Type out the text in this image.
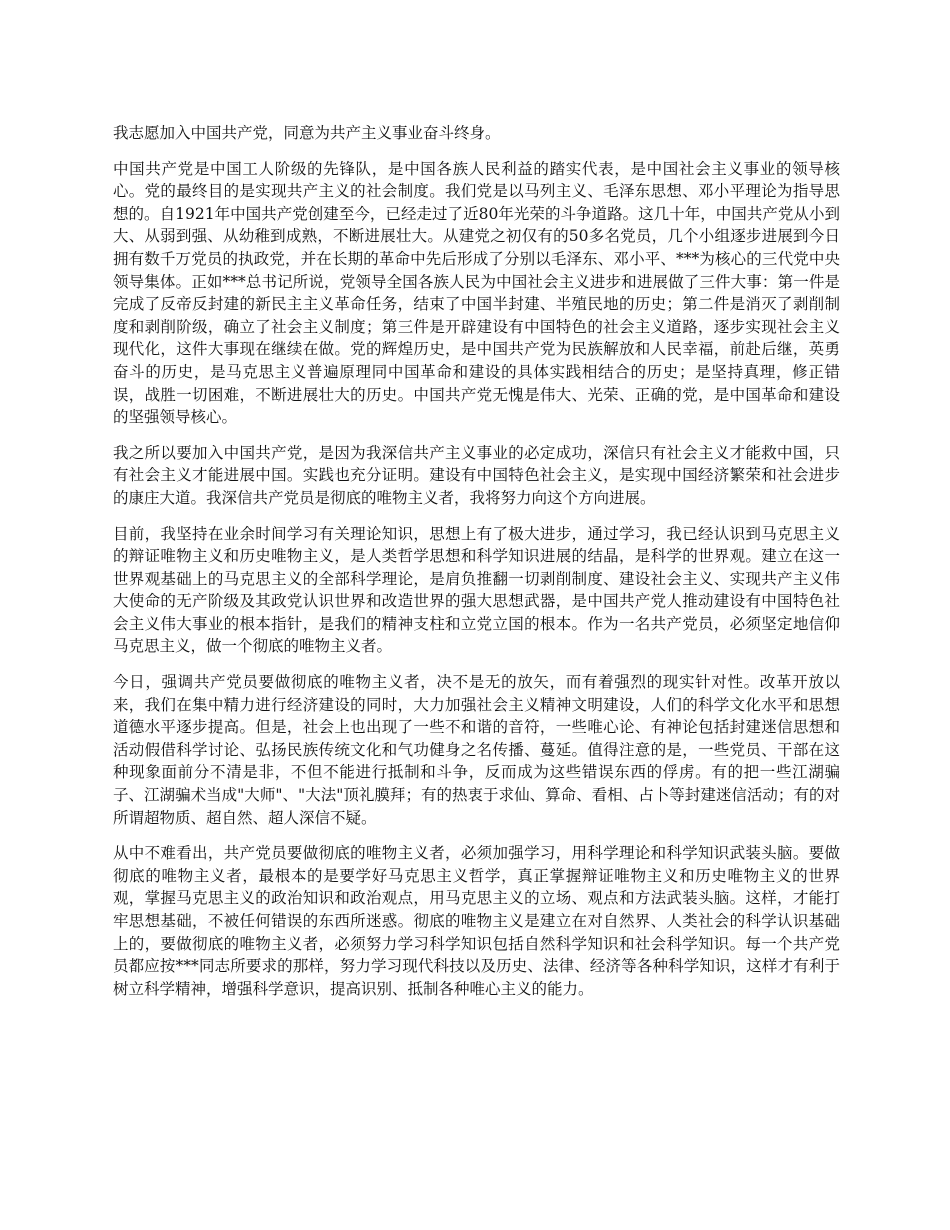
我志愿加入中国共产党，同意为共产主义事业奋斗终身。

中国共产党是中国工人阶级的先锋队，是中国各族人民利益的踏实代表，是中国社会主义事业的领导核心。党的最终目的是实现共产主义的社会制度。我们党是以马列主义、毛泽东思想、邓小平理论为指导思想的。自1921年中国共产党创建至今，已经走过了近80年光荣的斗争道路。这几十年，中国共产党从小到大、从弱到强、从幼稚到成熟，不断进展壮大。从建党之初仅有的50多名党员，几个小组逐步进展到今日拥有数千万党员的执政党，并在长期的革命中先后形成了分别以毛泽东、邓小平、***为核心的三代党中央领导集体。正如***总书记所说，党领导全国各族人民为中国社会主义进步和进展做了三件大事：第一件是完成了反帝反封建的新民主主义革命任务，结束了中国半封建、半殖民地的历史；第二件是消灭了剥削制度和剥削阶级，确立了社会主义制度；第三件是开辟建设有中国特色的社会主义道路，逐步实现社会主义现代化，这件大事现在继续在做。党的辉煌历史，是中国共产党为民族解放和人民幸福，前赴后继，英勇奋斗的历史，是马克思主义普遍原理同中国革命和建设的具体实践相结合的历史；是坚持真理，修正错误，战胜一切困难，不断进展壮大的历史。中国共产党无愧是伟大、光荣、正确的党，是中国革命和建设的坚强领导核心。

我之所以要加入中国共产党，是因为我深信共产主义事业的必定成功，深信只有社会主义才能救中国，只有社会主义才能进展中国。实践也充分证明。建设有中国特色社会主义，是实现中国经济繁荣和社会进步的康庄大道。我深信共产党员是彻底的唯物主义者，我将努力向这个方向进展。

目前，我坚持在业余时间学习有关理论知识，思想上有了极大进步，通过学习，我已经认识到马克思主义的辩证唯物主义和历史唯物主义，是人类哲学思想和科学知识进展的结晶，是科学的世界观。建立在这一世界观基础上的马克思主义的全部科学理论，是肩负推翻一切剥削制度、建设社会主义、实现共产主义伟大使命的无产阶级及其政党认识世界和改造世界的强大思想武器，是中国共产党人推动建设有中国特色社会主义伟大事业的根本指针，是我们的精神支柱和立党立国的根本。作为一名共产党员，必须坚定地信仰马克思主义，做一个彻底的唯物主义者。

今日，强调共产党员要做彻底的唯物主义者，决不是无的放矢，而有着强烈的现实针对性。改革开放以来，我们在集中精力进行经济建设的同时，大力加强社会主义精神文明建设，人们的科学文化水平和思想道德水平逐步提高。但是，社会上也出现了一些不和谐的音符，一些唯心论、有神论包括封建迷信思想和活动假借科学讨论、弘扬民族传统文化和气功健身之名传播、蔓延。值得注意的是，一些党员、干部在这种现象面前分不清是非，不但不能进行抵制和斗争，反而成为这些错误东西的俘虏。有的把一些江湖骗子、江湖骗术当成"大师"、"大法"顶礼膜拜；有的热衷于求仙、算命、看相、占卜等封建迷信活动；有的对所谓超物质、超自然、超人深信不疑。

从中不难看出，共产党员要做彻底的唯物主义者，必须加强学习，用科学理论和科学知识武装头脑。要做彻底的唯物主义者，最根本的是要学好马克思主义哲学，真正掌握辩证唯物主义和历史唯物主义的世界观，掌握马克思主义的政治知识和政治观点，用马克思主义的立场、观点和方法武装头脑。这样，才能打牢思想基础，不被任何错误的东西所迷惑。彻底的唯物主义是建立在对自然界、人类社会的科学认识基础上的，要做彻底的唯物主义者，必须努力学习科学知识包括自然科学知识和社会科学知识。每一个共产党员都应按***同志所要求的那样，努力学习现代科技以及历史、法律、经济等各种科学知识，这样才有利于树立科学精神，增强科学意识，提高识别、抵制各种唯心主义的能力。
